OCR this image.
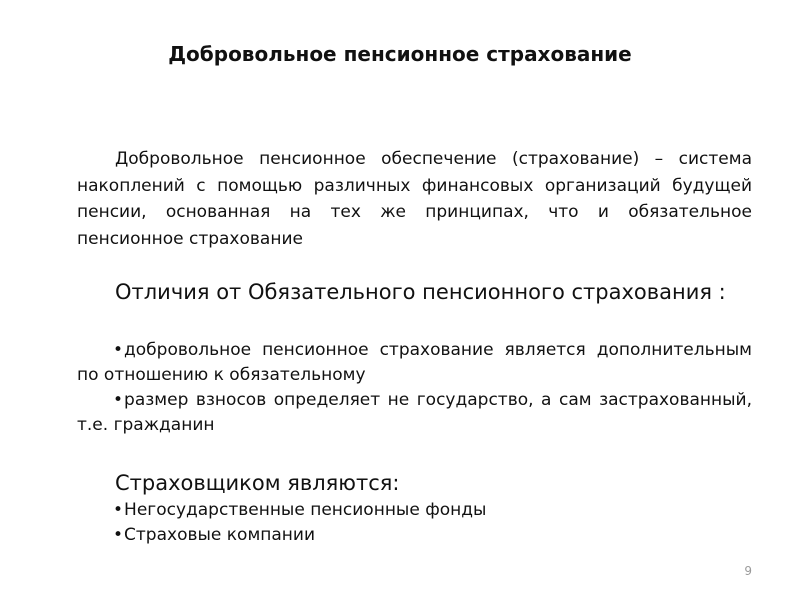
Добровольное пенсионное страхование

Добровольное пенсионное обеспечение (страхование) – система накоплений с помощью различных финансовых организаций будущей пенсии, основанная на тех же принципах, что и обязательное пенсионное страхование

Отличия от Обязательного пенсионного страхования :

•добровольное пенсионное страхование является дополнительным по отношению к обязательному
•размер взносов определяет не государство, а сам застрахованный, т.е. гражданин

Страховщиком являются:

•Негосударственные пенсионные фонды
•Страховые компании
9
